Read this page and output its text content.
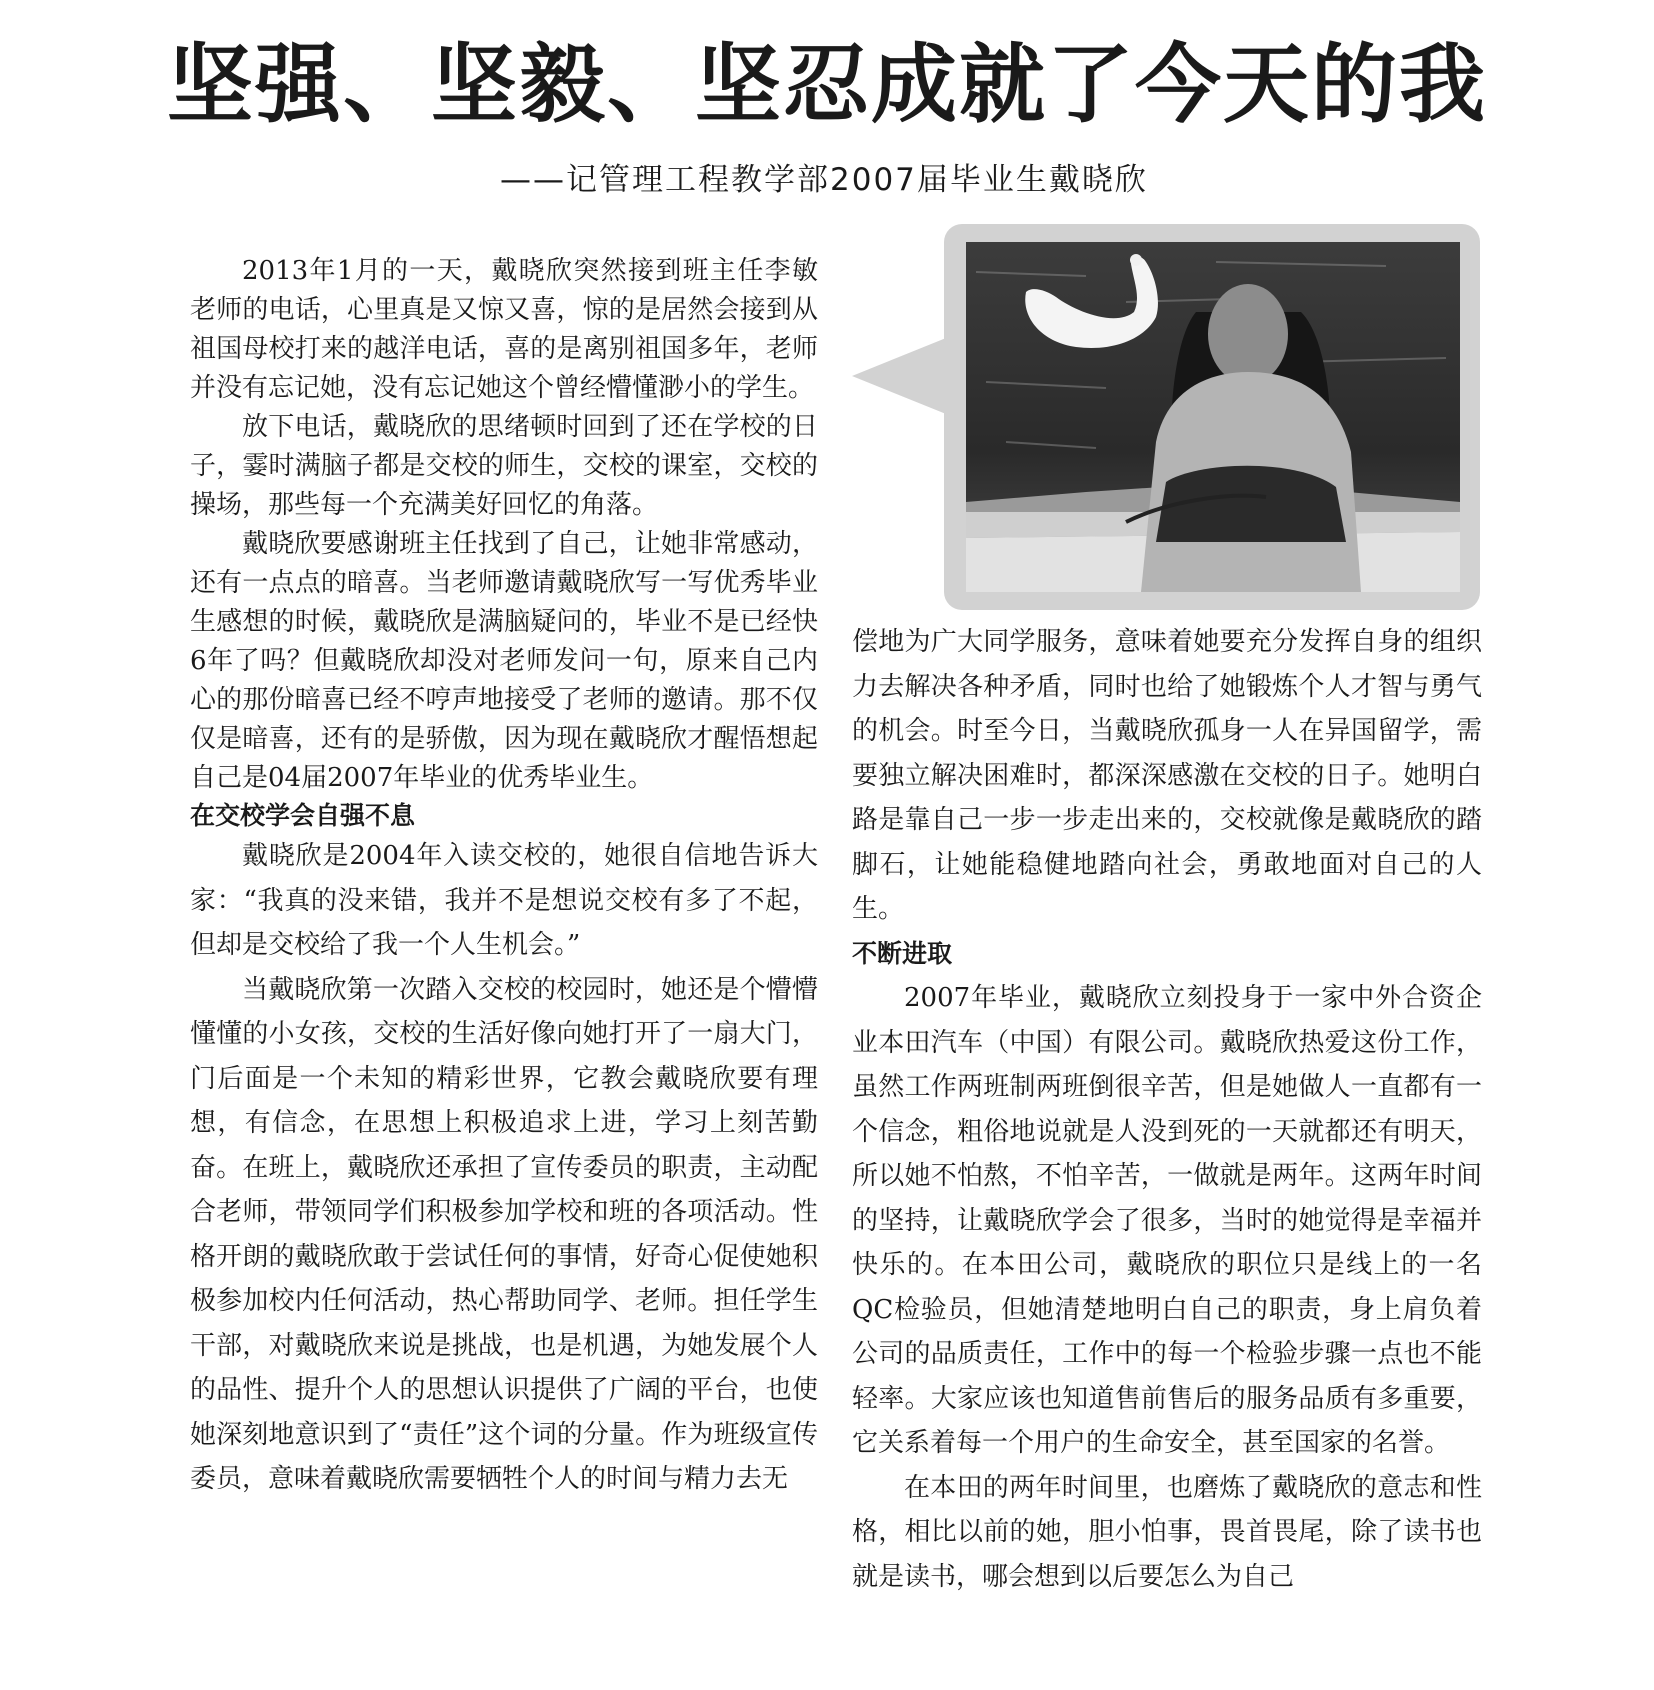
坚强、坚毅、坚忍成就了今天的我
——记管理工程教学部2007届毕业生戴晓欣

2013年1月的一天，戴晓欣突然接到班主任李敏老师的电话，心里真是又惊又喜，惊的是居然会接到从祖国母校打来的越洋电话，喜的是离别祖国多年，老师并没有忘记她，没有忘记她这个曾经懵懂渺小的学生。

放下电话，戴晓欣的思绪顿时回到了还在学校的日子，霎时满脑子都是交校的师生，交校的课室，交校的操场，那些每一个充满美好回忆的角落。

戴晓欣要感谢班主任找到了自己，让她非常感动，还有一点点的暗喜。当老师邀请戴晓欣写一写优秀毕业生感想的时候，戴晓欣是满脑疑问的，毕业不是已经快6年了吗？但戴晓欣却没对老师发问一句，原来自己内心的那份暗喜已经不哼声地接受了老师的邀请。那不仅仅是暗喜，还有的是骄傲，因为现在戴晓欣才醒悟想起自己是04届2007年毕业的优秀毕业生。

在交校学会自强不息

戴晓欣是2004年入读交校的，她很自信地告诉大家：“我真的没来错，我并不是想说交校有多了不起，但却是交校给了我一个人生机会。”

当戴晓欣第一次踏入交校的校园时，她还是个懵懵懂懂的小女孩，交校的生活好像向她打开了一扇大门，门后面是一个未知的精彩世界，它教会戴晓欣要有理想，有信念，在思想上积极追求上进，学习上刻苦勤奋。在班上，戴晓欣还承担了宣传委员的职责，主动配合老师，带领同学们积极参加学校和班的各项活动。性格开朗的戴晓欣敢于尝试任何的事情，好奇心促使她积极参加校内任何活动，热心帮助同学、老师。担任学生干部，对戴晓欣来说是挑战，也是机遇，为她发展个人的品性、提升个人的思想认识提供了广阔的平台，也使她深刻地意识到了“责任”这个词的分量。作为班级宣传委员，意味着戴晓欣需要牺牲个人的时间与精力去无

偿地为广大同学服务，意味着她要充分发挥自身的组织力去解决各种矛盾，同时也给了她锻炼个人才智与勇气的机会。时至今日，当戴晓欣孤身一人在异国留学，需要独立解决困难时，都深深感激在交校的日子。她明白路是靠自己一步一步走出来的，交校就像是戴晓欣的踏脚石，让她能稳健地踏向社会，勇敢地面对自己的人生。

不断进取

2007年毕业，戴晓欣立刻投身于一家中外合资企业本田汽车（中国）有限公司。戴晓欣热爱这份工作，虽然工作两班制两班倒很辛苦，但是她做人一直都有一个信念，粗俗地说就是人没到死的一天就都还有明天，所以她不怕熬，不怕辛苦，一做就是两年。这两年时间的坚持，让戴晓欣学会了很多，当时的她觉得是幸福并快乐的。在本田公司，戴晓欣的职位只是线上的一名QC检验员，但她清楚地明白自己的职责，身上肩负着公司的品质责任，工作中的每一个检验步骤一点也不能轻率。大家应该也知道售前售后的服务品质有多重要，它关系着每一个用户的生命安全，甚至国家的名誉。

在本田的两年时间里，也磨炼了戴晓欣的意志和性格，相比以前的她，胆小怕事，畏首畏尾，除了读书也就是读书，哪会想到以后要怎么为自己
